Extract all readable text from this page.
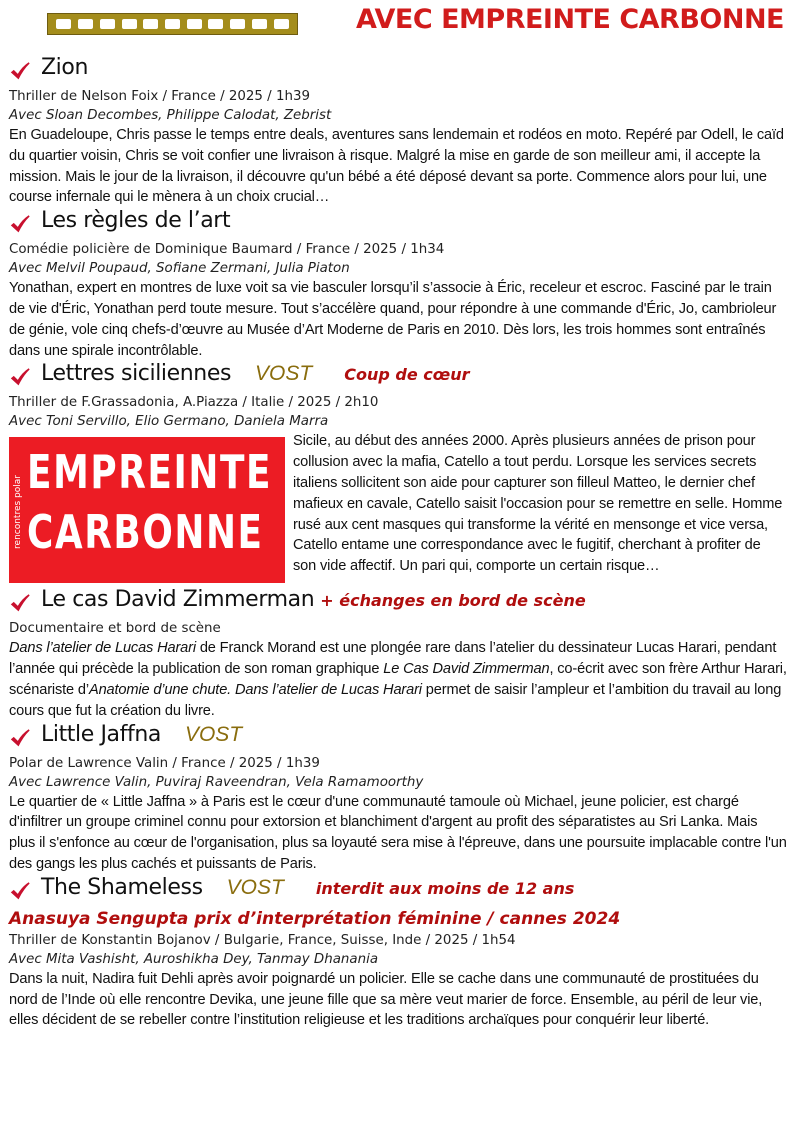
AVEC EMPREINTE CARBONNE
Zion
Thriller de Nelson Foix / France / 2025 / 1h39
Avec Sloan Decombes, Philippe Calodat, Zebrist

En Guadeloupe, Chris passe le temps entre deals, aventures sans lendemain et rodéos en moto. Repéré par Odell, le caïd du quartier voisin, Chris se voit confier une livraison à risque. Malgré la mise en garde de son meilleur ami, il accepte la mission. Mais le jour de la livraison, il découvre qu'un bébé a été déposé devant sa porte. Commence alors pour lui, une course infernale qui le mènera à un choix crucial…

Les règles de l’art
Comédie policière de Dominique Baumard / France / 2025 / 1h34
Avec Melvil Poupaud, Sofiane Zermani, Julia Piaton

Yonathan, expert en montres de luxe voit sa vie basculer lorsqu’il s’associe à Éric, receleur et escroc. Fasciné par le train de vie d'Éric, Yonathan perd toute mesure. Tout s’accélère quand, pour répondre à une commande d'Éric, Jo, cambrioleur de génie, vole cinq chefs-d’œuvre au Musée d’Art Moderne de Paris en 2010. Dès lors, les trois hommes sont entraînés dans une spirale incontrôlable.

Lettres siciliennes VOST Coup de cœur
Thriller de F.Grassadonia, A.Piazza / Italie / 2025 / 2h10
Avec Toni Servillo, Elio Germano, Daniela Marra
rencontres polar
EMPREINTE
CARBONNE

Sicile, au début des années 2000. Après plusieurs années de prison pour collusion avec la mafia, Catello a tout perdu. Lorsque les services secrets italiens sollicitent son aide pour capturer son filleul Matteo, le dernier chef mafieux en cavale, Catello saisit l'occasion pour se remettre en selle. Homme rusé aux cent masques qui transforme la vérité en mensonge et vice versa, Catello entame une correspondance avec le fugitif, cherchant à profiter de son vide affectif. Un pari qui, comporte un certain risque…

Le cas David Zimmerman + échanges en bord de scène
Documentaire et bord de scène

Dans l’atelier de Lucas Harari de Franck Morand est une plongée rare dans l’atelier du dessinateur Lucas Harari, pendant l’année qui précède la publication de son roman graphique Le Cas David Zimmerman, co-écrit avec son frère Arthur Harari, scénariste d’Anatomie d’une chute. Dans l’atelier de Lucas Harari permet de saisir l’ampleur et l’ambition du travail au long cours que fut la création du livre.

Little Jaffna VOST
Polar de Lawrence Valin / France / 2025 / 1h39
Avec Lawrence Valin, Puviraj Raveendran, Vela Ramamoorthy

Le quartier de « Little Jaffna » à Paris est le cœur d'une communauté tamoule où Michael, jeune policier, est chargé d'infiltrer un groupe criminel connu pour extorsion et blanchiment d'argent au profit des séparatistes au Sri Lanka. Mais plus il s'enfonce au cœur de l'organisation, plus sa loyauté sera mise à l'épreuve, dans une poursuite implacable contre l'un des gangs les plus cachés et puissants de Paris.

The Shameless VOST interdit aux moins de 12 ans
Anasuya Sengupta prix d’interprétation féminine / cannes 2024
Thriller de Konstantin Bojanov / Bulgarie, France, Suisse, Inde / 2025 / 1h54
Avec Mita Vashisht, Auroshikha Dey, Tanmay Dhanania

Dans la nuit, Nadira fuit Dehli après avoir poignardé un policier. Elle se cache dans une communauté de prostituées du nord de l’Inde où elle rencontre Devika, une jeune fille que sa mère veut marier de force. Ensemble, au péril de leur vie, elles décident de se rebeller contre l’institution religieuse et les traditions archaïques pour conquérir leur liberté.
